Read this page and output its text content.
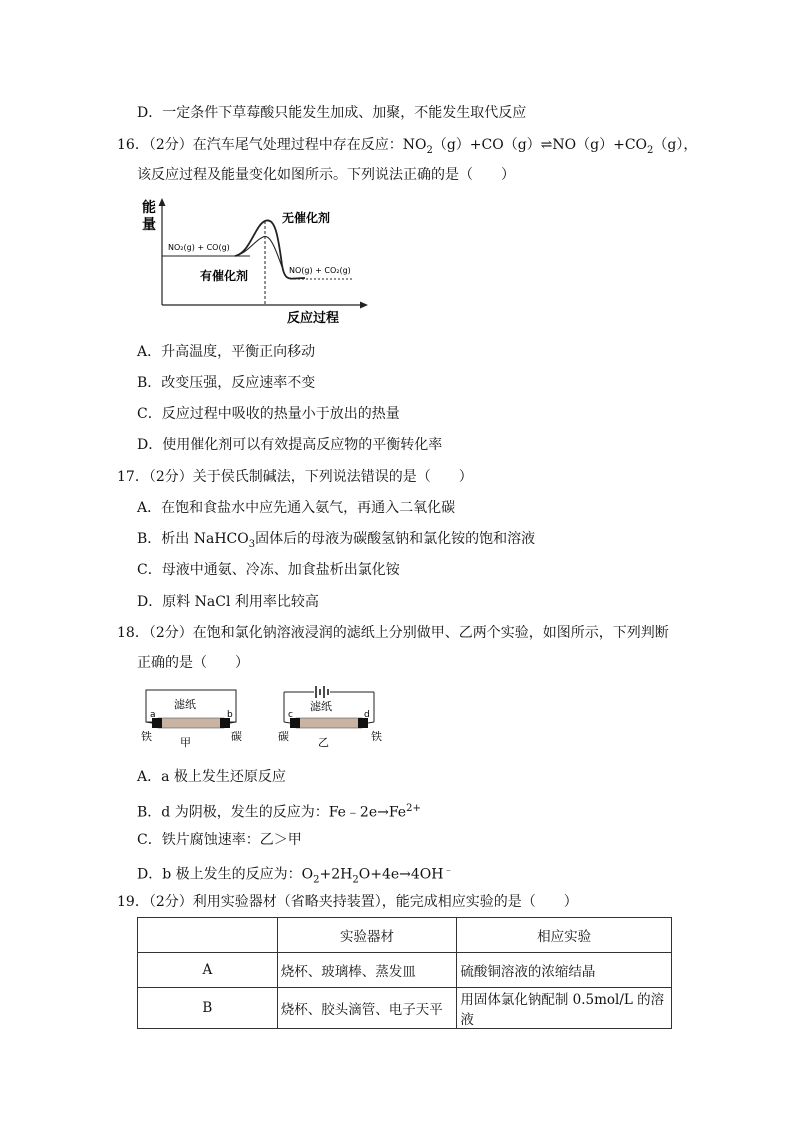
D．一定条件下草莓酸只能发生加成、加聚，不能发生取代反应
16．（2分）在汽车尾气处理过程中存在反应：$NO_2(g)+CO(g)\rightleftharpoons NO(g)+CO_2(g)$，
该反应过程及能量变化如图所示。下列说法正确的是（　　）
能
量
NO₂(g) + CO(g)
无催化剂
有催化剂	NO(g) + CO₂(g)
反应过程
A．升高温度，平衡正向移动
B．改变压强，反应速率不变
C．反应过程中吸收的热量小于放出的热量
D．使用催化剂可以有效提高反应物的平衡转化率
17．（2分）关于侯氏制碱法，下列说法错误的是（　　）
A．在饱和食盐水中应先通入氨气，再通入二氧化碳
B．析出 NaHCO$_3$固体后的母液为碳酸氢钠和氯化铵的饱和溶液
C．母液中通氨、冷冻、加食盐析出氯化铵
D．原料 NaCl 利用率比较高
18．（2分）在饱和氯化钠溶液浸润的滤纸上分别做甲、乙两个实验，如图所示，下列判断
正确的是（　　）
滤纸
a	b
铁	碳
甲
滤纸
c	d
碳	铁
乙
A．a 极上发生还原反应
B．d 为阴极，发生的反应为：$Fe﹣2e\to Fe^{2+}$
C．铁片腐蚀速率：乙＞甲
D．b 极上发生的反应为：$O_2+2H_2O+4e\to 4OH^﹣$
19．（2分）利用实验器材（省略夹持装置），能完成相应实验的是（　　）
	实验器材	相应实验
A	烧杯、玻璃棒、蒸发皿	硫酸铜溶液的浓缩结晶
B	烧杯、胶头滴管、电子天平	用固体氯化钠配制 0.5mol/L 的溶液
